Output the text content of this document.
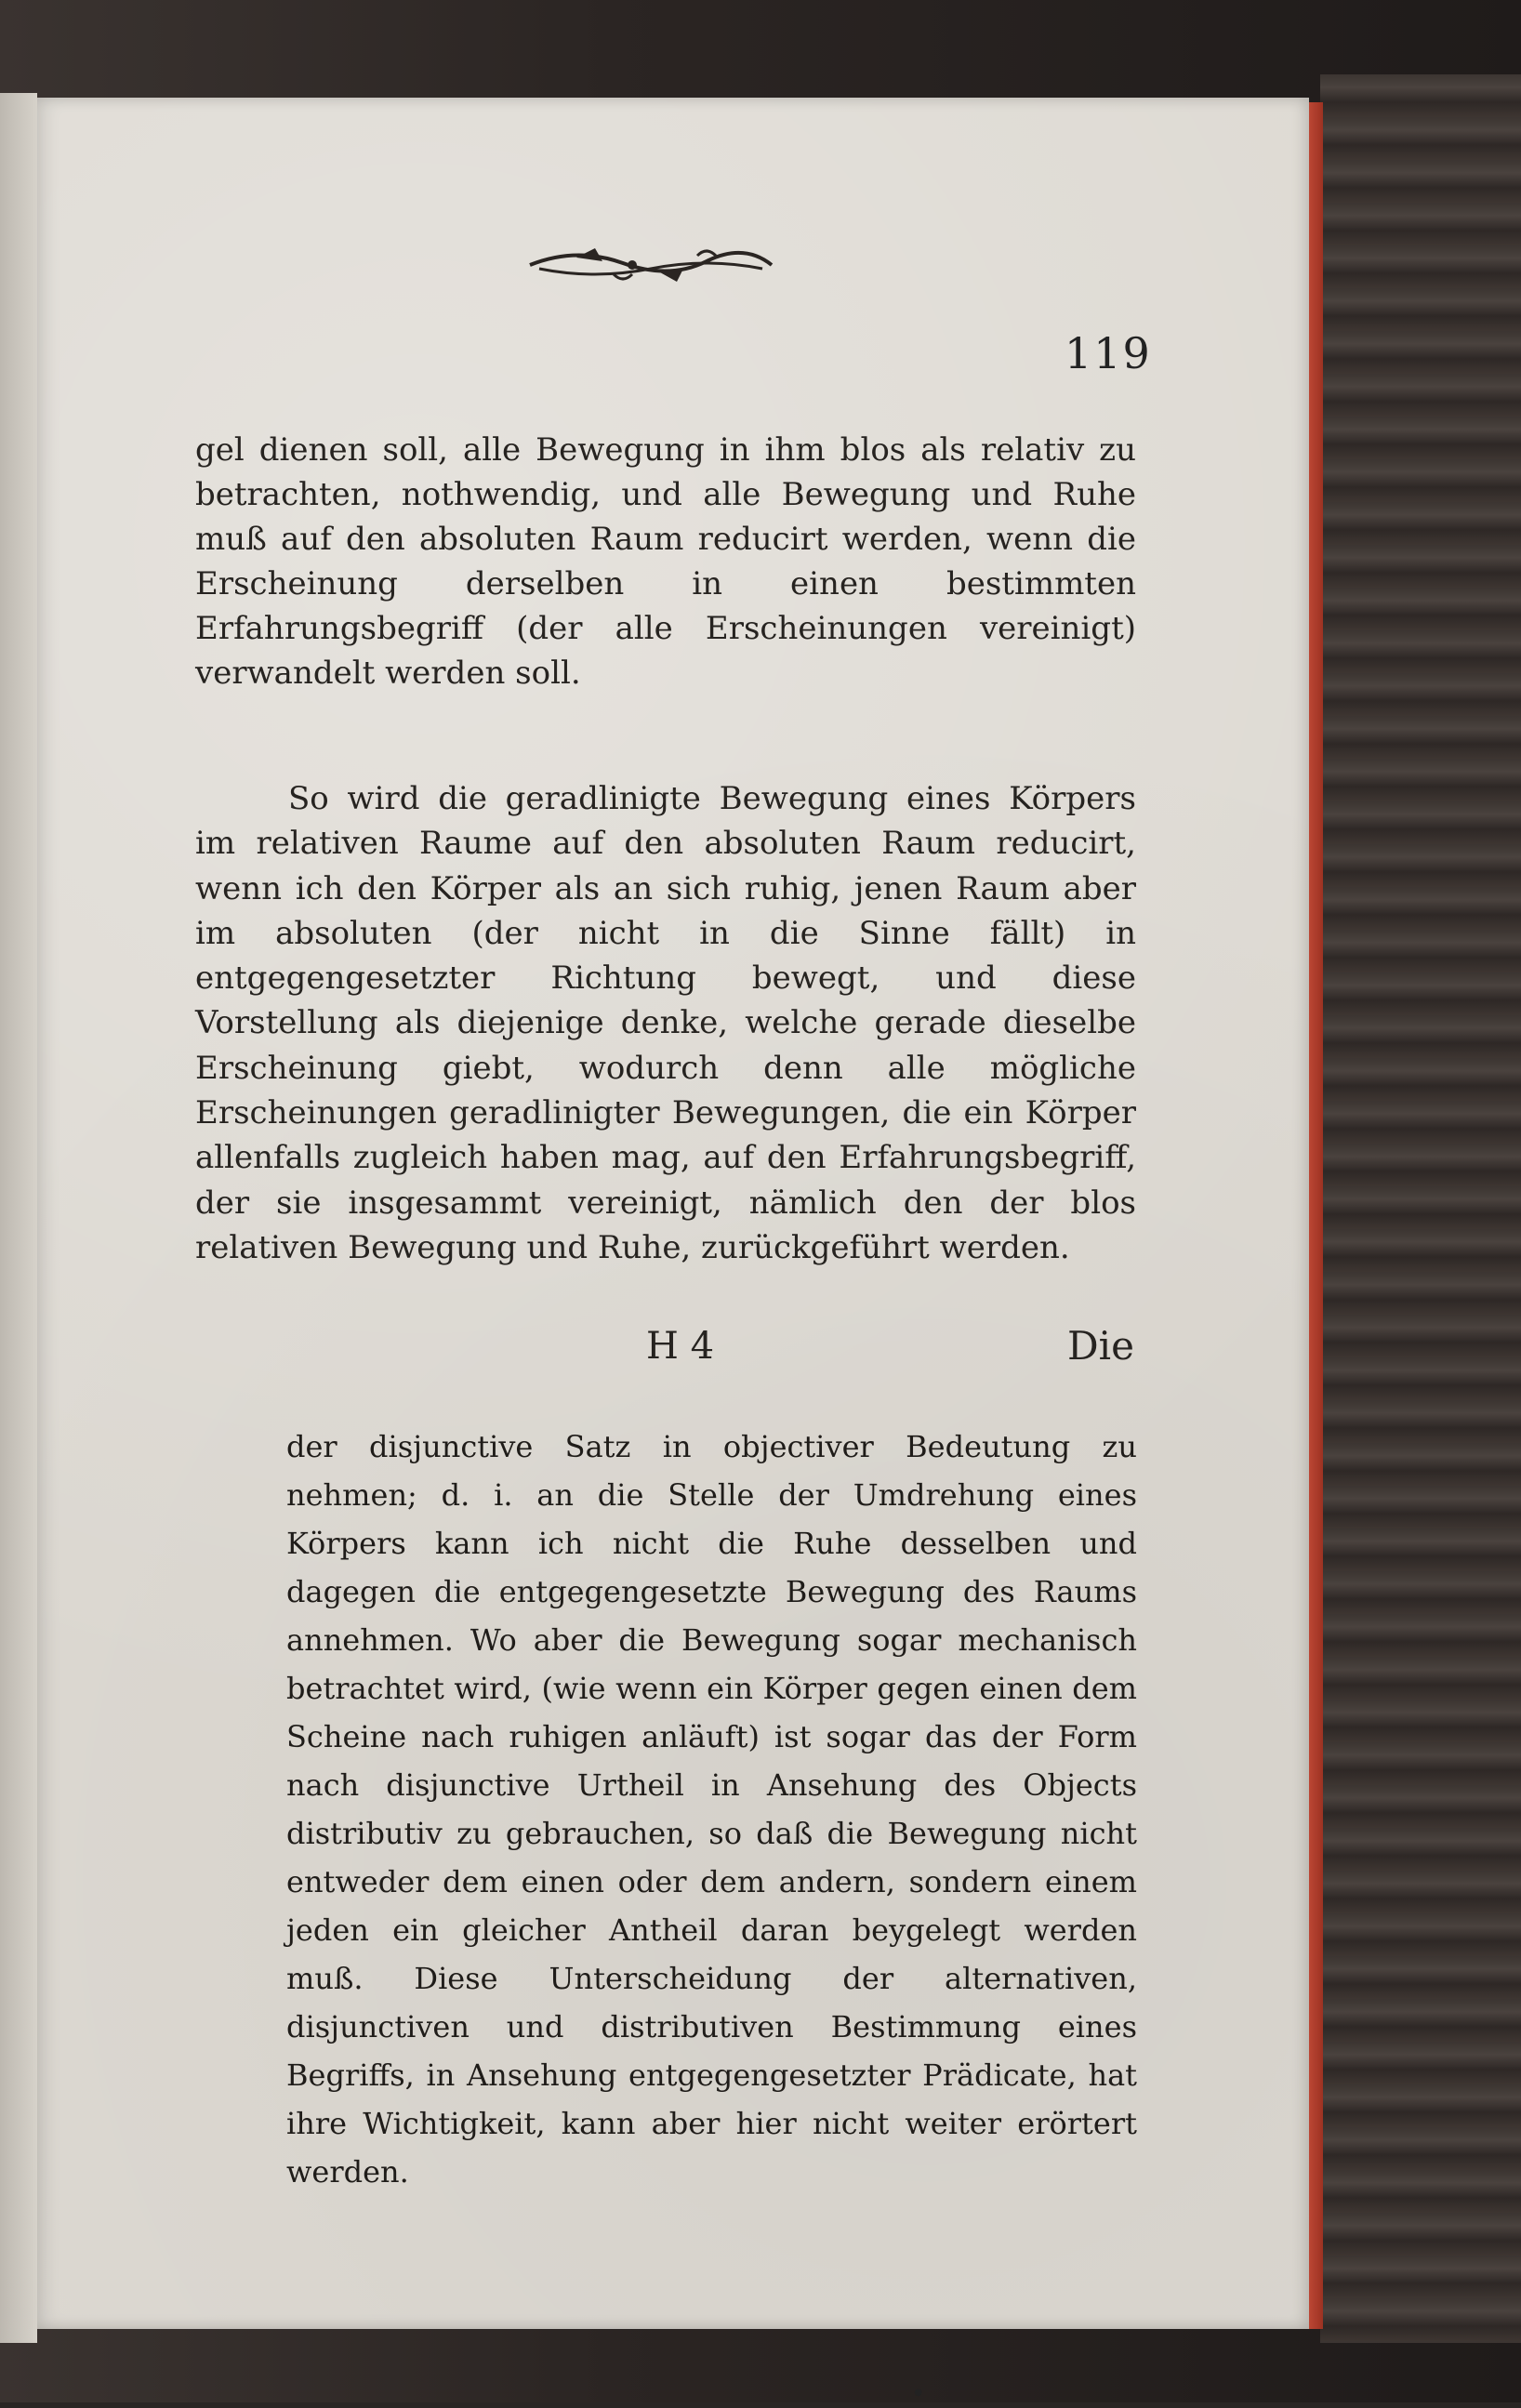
119

gel dienen soll, alle Bewegung in ihm blos als relativ zu betrachten, nothwendig, und alle Bewegung und Ruhe muß auf den absoluten Raum reducirt werden, wenn die Erscheinung derselben in einen bestimmten Erfahrungsbegriff (der alle Erscheinungen vereinigt) verwandelt werden soll.

So wird die geradlinigte Bewegung eines Körpers im relativen Raume auf den absoluten Raum reducirt, wenn ich den Körper als an sich ruhig, jenen Raum aber im absoluten (der nicht in die Sinne fällt) in entgegengesetzter Richtung bewegt, und diese Vorstellung als diejenige denke, welche gerade dieselbe Erscheinung giebt, wodurch denn alle mögliche Erscheinungen geradlinigter Bewegungen, die ein Körper allenfalls zugleich haben mag, auf den Erfahrungsbegriff, der sie insgesammt vereinigt, nämlich den der blos relativen Bewegung und Ruhe, zurückgeführt werden.

H 4	Die

der disjunctive Satz in objectiver Bedeutung zu nehmen; d. i. an die Stelle der Umdrehung eines Körpers kann ich nicht die Ruhe desselben und dagegen die entgegengesetzte Bewegung des Raums annehmen. Wo aber die Bewegung sogar mechanisch betrachtet wird, (wie wenn ein Körper gegen einen dem Scheine nach ruhigen anläuft) ist sogar das der Form nach disjunctive Urtheil in Ansehung des Objects distributiv zu gebrauchen, so daß die Bewegung nicht entweder dem einen oder dem andern, sondern einem jeden ein gleicher Antheil daran beygelegt werden muß. Diese Unterscheidung der alternativen, disjunctiven und distributiven Bestimmung eines Begriffs, in Ansehung entgegengesetzter Prädicate, hat ihre Wichtigkeit, kann aber hier nicht weiter erörtert werden.

•
